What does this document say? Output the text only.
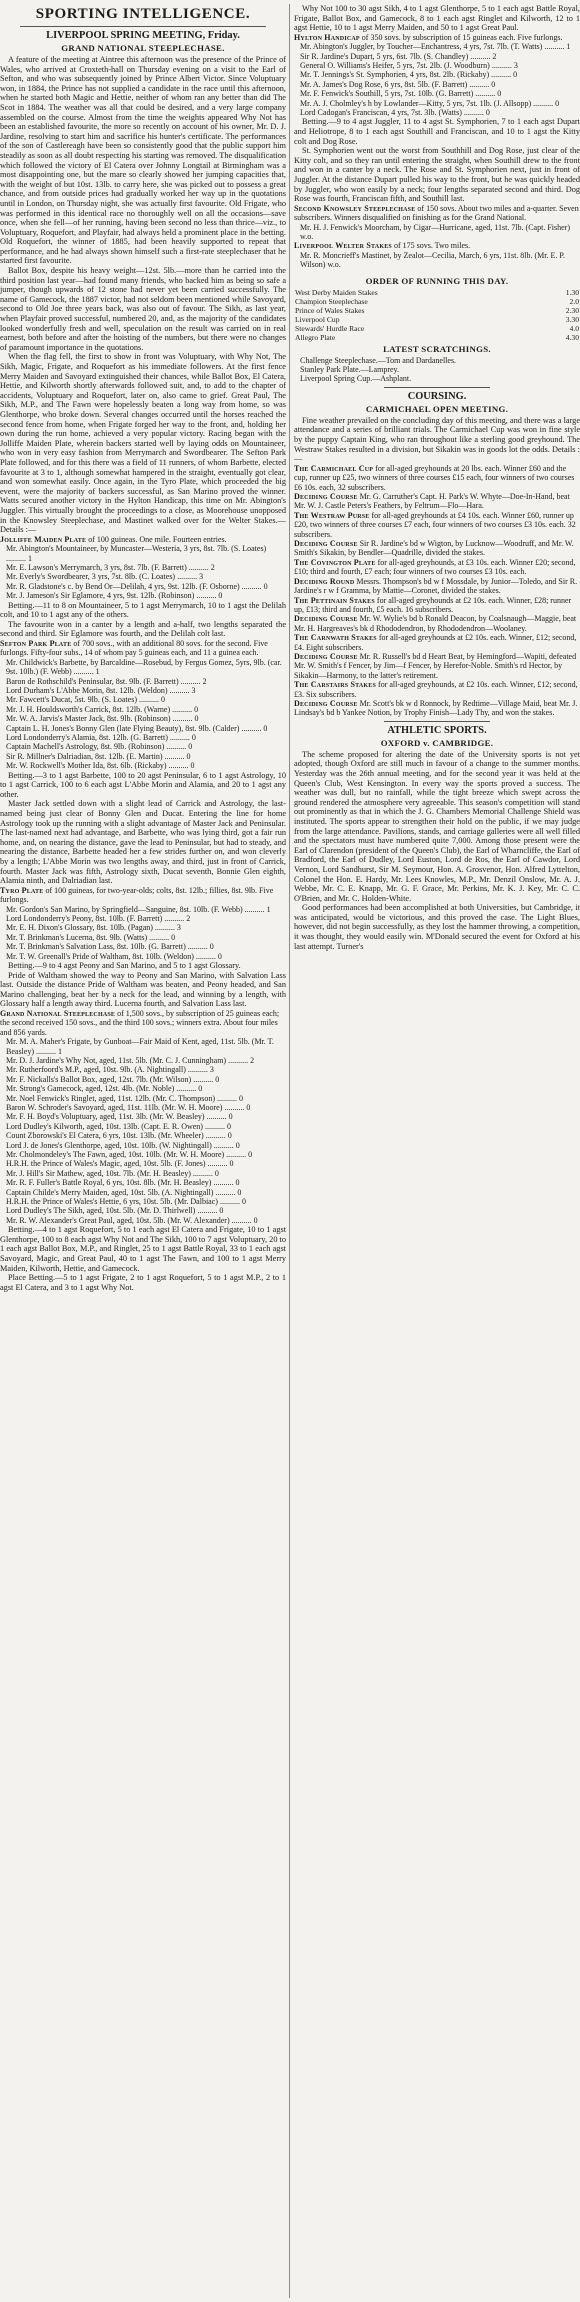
SPORTING INTELLIGENCE.
LIVERPOOL SPRING MEETING, Friday.
GRAND NATIONAL STEEPLECHASE.

A feature of the meeting at Aintree this afternoon was the presence of the Prince of Wales, who arrived at Croxteth-hall on Thursday evening on a visit to the Earl of Sefton, and who was subsequently joined by Prince Albert Victor. Since Voluptuary won, in 1884, the Prince has not supplied a candidate in the race until this afternoon, when he started both Magic and Hettie, neither of whom ran any better than did The Scot in 1884. The weather was all that could be desired, and a very large company assembled on the course. Almost from the time the weights appeared Why Not has been an established favourite, the more so recently on account of his owner, Mr. D. J. Jardine, resolving to start him and sacrifice his hunter's certificate. The performances of the son of Castlereagh have been so consistently good that the public support him steadily as soon as all doubt respecting his starting was removed. The disqualification which followed the victory of El Catera over Johnny Longtail at Birmingham was a most disappointing one, but the mare so clearly showed her jumping capacities that, with the weight of but 10st. 13lb. to carry here, she was picked out to possess a great chance, and from outside prices had gradually worked her way up in the quotations until in London, on Thursday night, she was actually first favourite. Old Frigate, who was performed in this identical race no thoroughly well on all the occasions—save once, when she fell—of her running, having been second no less than thrice—viz., to Voluptuary, Roquefort, and Playfair, had always held a prominent place in the betting. Old Roquefort, the winner of 1885, had been heavily supported to repeat that performance, and he had always shown himself such a first-rate steeplechaser that he started first favourite.

Ballot Box, despite his heavy weight—12st. 5lb.—more than he carried into the third position last year—had found many friends, who backed him as being so safe a jumper, though upwards of 12 stone had never yet been carried successfully. The name of Gamecock, the 1887 victor, had not seldom been mentioned while Savoyard, second to Old Joe three years back, was also out of favour. The Sikh, as last year, when Playfair proved successful, numbered 20, and, as the majority of the candidates looked wonderfully fresh and well, speculation on the result was carried on in real earnest, both before and after the hoisting of the numbers, but there were no changes of paramount importance in the quotations.

When the flag fell, the first to show in front was Voluptuary, with Why Not, The Sikh, Magic, Frigate, and Roquefort as his immediate followers. At the first fence Merry Maiden and Savoyard extinguished their chances, while Ballot Box, El Catera, Hettie, and Kilworth shortly afterwards followed suit, and, to add to the chapter of accidents, Voluptuary and Roquefort, later on, also came to grief. Great Paul, The Sikh, M.P., and The Fawn were hopelessly beaten a long way from home, so was Glenthorpe, who broke down. Several changes occurred until the horses reached the second fence from home, when Frigate forged her way to the front, and, holding her own during the run home, achieved a very popular victory. Racing began with the Jolliffe Maiden Plate, wherein backers started well by laying odds on Mountaineer, who won in very easy fashion from Merrymarch and Swordbearer. The Sefton Park Plate followed, and for this there was a field of 11 runners, of whom Barbette, elected favourite at 3 to 1, although somewhat hampered in the straight, eventually got clear, and won somewhat easily. Once again, in the Tyro Plate, which proceeded the big event, were the majority of backers successful, as San Marino proved the winner. Watts secured another victory in the Hylton Handicap, this time on Mr. Abington's Juggler. This virtually brought the proceedings to a close, as Moorehouse unopposed in the Knowsley Steeplechase, and Mastinet walked over for the Welter Stakes.—Details :—

Jolliffe Maiden Plate of 100 guineas. One mile. Fourteen entries.

Mr. Abington's Mountaineer, by Muncaster—Westeria, 3 yrs, 8st. 7lb. (S. Loates) .......... 1

Mr. E. Lawson's Merrymarch, 3 yrs, 8st. 7lb. (F. Barrett) .......... 2

Mr. Everly's Swordbearer, 3 yrs, 7st. 8lb. (C. Loates) .......... 3

Mr. R. Gladstone's c. by Bend Or—Delilah, 4 yrs, 9st. 12lb. (F. Osborne) .......... 0

Mr. J. Jameson's Sir Eglamore, 4 yrs, 9st. 12lb. (Robinson) .......... 0

Betting.—11 to 8 on Mountaineer, 5 to 1 agst Merrymarch, 10 to 1 agst the Delilah colt, and 10 to 1 agst any of the others.

The favourite won in a canter by a length and a-half, two lengths separated the second and third. Sir Eglamore was fourth, and the Delilah colt last.

Sefton Park Plate of 700 sovs., with an additional 80 sovs. for the second. Five furlongs. Fifty-four subs., 14 of whom pay 5 guineas each, and 11 a guinea each.

Mr. Childwick's Barbette, by Barcaldine—Rosebud, by Fergus Gomez, 5yrs, 9lb. (car. 9st. 10lb.) (F. Webb) .......... 1

Baron de Rothschild's Peninsular, 8st. 9lb. (F. Barrett) .......... 2

Lord Durham's L'Abbe Morin, 8st. 12lb. (Weldon) .......... 3

Mr. Fawcett's Ducat, 5st. 9lb. (S. Loates) .......... 0

Mr. J. H. Houldsworth's Carrick, 8st. 12lb. (Warne) .......... 0

Mr. W. A. Jarvis's Master Jack, 8st. 9lb. (Robinson) .......... 0

Captain L. H. Jones's Bonny Glen (late Flying Beauty), 8st. 9lb. (Calder) .......... 0

Lord Londonderry's Alamia, 8st. 12lb. (G. Barrett) .......... 0

Captain Machell's Astrology, 8st. 9lb. (Robinson) .......... 0

Sir R. Millner's Dalriadian, 8st. 12lb. (E. Martin) .......... 0

Mr. W. Rockwell's Mother Ida, 8st. 6lb. (Rickaby) .......... 0

Betting.—3 to 1 agst Barbette, 100 to 20 agst Peninsular, 6 to 1 agst Astrology, 10 to 1 agst Carrick, 100 to 6 each agst L'Abbe Morin and Alamia, and 20 to 1 agst any other.

Master Jack settled down with a slight lead of Carrick and Astrology, the last-named being just clear of Bonny Glen and Ducat. Entering the line for home Astrology took up the running with a slight advantage of Master Jack and Peninsular. The last-named next had advantage, and Barbette, who was lying third, got a fair run home, and, on nearing the distance, gave the lead to Peninsular, but had to steady, and nearing the distance, Barbette headed her a few strides further on, and won cleverly by a length; L'Abbe Morin was two lengths away, and third, just in front of Carrick, fourth. Master Jack was fifth, Astrology sixth, Ducat seventh, Bonnie Glen eighth, Alamia ninth, and Dalriadian last.

Tyro Plate of 100 guineas, for two-year-olds; colts, 8st. 12lb.; fillies, 8st. 9lb. Five furlongs.

Mr. Gordon's San Marino, by Springfield—Sanguine, 8st. 10lb. (F. Webb) .......... 1

Lord Londonderry's Peony, 8st. 10lb. (F. Barrett) .......... 2

Mr. E. H. Dixon's Glossary, 8st. 10lb. (Pagan) .......... 3

Mr. T. Brinkman's Lucerna, 8st. 9lb. (Watts) .......... 0

Mr. T. Brinkman's Salvation Lass, 8st. 10lb. (G. Barrett) .......... 0

Mr. T. W. Greenall's Pride of Waltham, 8st. 10lb. (Weldon) .......... 0

Betting.—9 to 4 agst Peony and San Marino, and 5 to 1 agst Glossary.

Pride of Waltham showed the way to Peony and San Marino, with Salvation Lass last. Outside the distance Pride of Waltham was beaten, and Peony headed, and San Marino challenging, beat her by a neck for the lead, and winning by a length, with Glossary half a length away third. Lucerna fourth, and Salvation Lass last.

Grand National Steeplechase of 1,500 sovs., by subscription of 25 guineas each; the second received 150 sovs., and the third 100 sovs.; winners extra. About four miles and 856 yards.

Mr. M. A. Maher's Frigate, by Gunboat—Fair Maid of Kent, aged, 11st. 5lb. (Mr. T. Beasley) .......... 1

Mr. D. J. Jardine's Why Not, aged, 11st. 5lb. (Mr. C. J. Cunningham) .......... 2

Mr. Rutherfoord's M.P., aged, 10st. 9lb. (A. Nightingall) .......... 3

Mr. F. Nickalls's Ballot Box, aged, 12st. 7lb. (Mr. Wilson) .......... 0

Mr. Strong's Gamecock, aged, 12st. 4lb. (Mr. Noble) .......... 0

Mr. Noel Fenwick's Ringlet, aged, 11st. 12lb. (Mr. C. Thompson) .......... 0

Baron W. Schroder's Savoyard, aged, 11st. 11lb. (Mr. W. H. Moore) .......... 0

Mr. F. H. Boyd's Voluptuary, aged, 11st. 3lb. (Mr. W. Beasley) .......... 0

Lord Dudley's Kilworth, aged, 10st. 13lb. (Capt. E. R. Owen) .......... 0

Count Zborowski's El Catera, 6 yrs, 10st. 13lb. (Mr. Wheeler) .......... 0

Lord J. de Jones's Glenthorpe, aged, 10st. 10lb. (W. Nightingall) .......... 0

Mr. Cholmondeley's The Fawn, aged, 10st. 10lb. (Mr. W. H. Moore) .......... 0

H.R.H. the Prince of Wales's Magic, aged, 10st. 5lb. (F. Jones) .......... 0

Mr. J. Hill's Sir Mathew, aged, 10st. 7lb. (Mr. H. Beasley) .......... 0

Mr. R. F. Fuller's Battle Royal, 6 yrs, 10st. 8lb. (Mr. H. Beasley) .......... 0

Captain Childe's Merry Maiden, aged, 10st. 5lb. (A. Nightingall) .......... 0

H.R.H. the Prince of Wales's Hettie, 6 yrs, 10st. 5lb. (Mr. Dalbiac) .......... 0

Lord Dudley's The Sikh, aged, 10st. 5lb. (Mr. D. Thirlwell) .......... 0

Mr. R. W. Alexander's Great Paul, aged, 10st. 5lb. (Mr. W. Alexander) .......... 0

Betting.—4 to 1 agst Roquefort, 5 to 1 each agst El Catera and Frigate, 10 to 1 agst Glenthorpe, 100 to 8 each agst Why Not and The Sikh, 100 to 7 agst Voluptuary, 20 to 1 each agst Ballot Box, M.P., and Ringlet, 25 to 1 agst Battle Royal, 33 to 1 each agst Savoyard, Magic, and Great Paul, 40 to 1 agst The Fawn, and 100 to 1 agst Merry Maiden, Kilworth, Hettie, and Gamecock.

Place Betting.—5 to 1 agst Frigate, 2 to 1 agst Roquefort, 5 to 1 agst M.P., 2 to 1 agst El Catera, and 3 to 1 agst Why Not.

Why Not 100 to 30 agst Sikh, 4 to 1 agst Glenthorpe, 5 to 1 each agst Battle Royal, Frigate, Ballot Box, and Gamecock, 8 to 1 each agst Ringlet and Kilworth, 12 to 1 agst Hettie, 10 to 1 agst Merry Maiden, and 50 to 1 agst Great Paul.

Hylton Handicap of 350 sovs. by subscription of 15 guineas each. Five furlongs.

Mr. Abington's Juggler, by Toucher—Enchantress, 4 yrs, 7st. 7lb. (T. Watts) .......... 1

Sir R. Jardine's Dupart, 5 yrs, 6st. 7lb. (S. Chandley) .......... 2

General O. Williams's Heifer, 5 yrs, 7st. 2lb. (J. Woodburn) .......... 3

Mr. T. Jennings's St. Symphorien, 4 yrs, 8st. 2lb. (Rickaby) .......... 0

Mr. A. James's Dog Rose, 6 yrs, 8st. 5lb. (F. Barrett) .......... 0

Mr. F. Fenwick's Southill, 5 yrs, 7st. 10lb. (G. Barrett) .......... 0

Mr. A. J. Cholmley's h by Lowlander—Kitty, 5 yrs, 7st. 1lb. (J. Allsopp) .......... 0

Lord Cadogan's Franciscan, 4 yrs, 7st. 3lb. (Watts) .......... 0

Betting.—9 to 4 agst Juggler, 11 to 4 agst St. Symphorien, 7 to 1 each agst Dupart and Heliotrope, 8 to 1 each agst Southill and Franciscan, and 10 to 1 agst the Kitty colt and Dog Rose.

St. Symphorien went out the worst from Southhill and Dog Rose, just clear of the Kitty colt, and so they ran until entering the straight, when Southill drew to the front and won in a canter by a neck. The Rose and St. Symphorien next, just in front of Juggler. At the distance Dupart pulled his way to the front, but he was quickly headed by Juggler, who won easily by a neck; four lengths separated second and third. Dog Rose was fourth, Franciscan fifth, and Southill last.

Second Knowsley Steeplechase of 150 sovs. About two miles and a-quarter. Seven subscribers. Winners disqualified on finishing as for the Grand National.

Mr. H. J. Fenwick's Moorcham, by Cigar—Hurricane, aged, 11st. 7lb. (Capt. Fisher) w.o.

Liverpool Welter Stakes of 175 sovs. Two miles.

Mr. R. Moncrieff's Mastinet, by Zealot—Cecilia, March, 6 yrs, 11st. 8lb. (Mr. E. P. Wilson) w.o.

ORDER OF RUNNING THIS DAY.
West Derby Maiden Stakes	1.30
Champion Steeplechase	2.0
Prince of Wales Stakes	2.30
Liverpool Cup	3.30
Stewards' Hurdle Race	4.0
Allegro Plate	4.30
LATEST SCRATCHINGS.

Challenge Steeplechase.—Tom and Dardanelles.

Stanley Park Plate.—Lamprey.

Liverpool Spring Cup.—Ashplant.

COURSING.
CARMICHAEL OPEN MEETING.

Fine weather prevailed on the concluding day of this meeting, and there was a large attendance and a series of brilliant trials. The Carmichael Cup was won in fine style by the puppy Captain King, who ran throughout like a sterling good greyhound. The Westraw Stakes resulted in a division, but Sikakin was in goods lot the odds. Details :—

The Carmichael Cup for all-aged greyhounds at 20 lbs. each. Winner £60 and the cup, runner up £25, two winners of three courses £15 each, four winners of two courses £6 10s. each, 32 subscribers.

Deciding Course Mr. G. Carruther's Capt. H. Park's W. Whyte—Doe-In-Hand, beat Mr. W. J. Castle Peters's Feathers, by Feltrum—Flo—Hara.

The Westraw Purse for all-aged greyhounds at £4 10s. each. Winner £60, runner up £20, two winners of three courses £7 each, four winners of two courses £3 10s. each. 32 subscribers.

Deciding Course Sir R. Jardine's bd w Wigton, by Lucknow—Woodruff, and Mr. W. Smith's Sikakin, by Bendler—Quadrille, divided the stakes.

The Covington Plate for all-aged greyhounds, at £3 10s. each. Winner £20; second, £10; third and fourth, £7 each; four winners of two courses £3 10s. each.

Deciding Round Messrs. Thompson's bd w f Mossdale, by Junior—Toledo, and Sir R. Jardine's r w f Gramma, by Mattie—Coronet, divided the stakes.

The Pettinain Stakes for all-aged greyhounds at £2 10s. each. Winner, £28; runner up, £13; third and fourth, £5 each. 16 subscribers.

Deciding Course Mr. W. Wylie's bd b Ronald Deacon, by Coalsnaugh—Maggie, beat Mr. H. Hargreaves's bk d Rhododendron, by Rhododendron—Woolaney.

The Carnwath Stakes for all-aged greyhounds at £2 10s. each. Winner, £12; second, £4. Eight subscribers.

Deciding Course Mr. R. Russell's bd d Heart Beat, by Hemingford—Wapiti, defeated Mr. W. Smith's f Fencer, by Jim—f Fencer, by Herefor-Noble. Smith's rd Hector, by Sikakin—Harmony, to the latter's retirement.

The Carstairs Stakes for all-aged greyhounds, at £2 10s. each. Winner, £12; second, £3. Six subscribers.

Deciding Course Mr. Scott's bk w d Ronnock, by Redtime—Village Maid, beat Mr. J. Lindsay's bd b Yankee Notion, by Trophy Finish—Lady Thy, and won the stakes.

ATHLETIC SPORTS.
OXFORD v. CAMBRIDGE.

The scheme proposed for altering the date of the University sports is not yet adopted, though Oxford are still much in favour of a change to the summer months. Yesterday was the 26th annual meeting, and for the second year it was held at the Queen's Club, West Kensington. In every way the sports proved a success. The weather was dull, but no rainfall, while the tight breeze which swept across the ground rendered the atmosphere very agreeable. This season's competition will stand out prominently as that in which the J. G. Chambers Memorial Challenge Shield was instituted. The sports appear to strengthen their hold on the public, if we may judge from the large attendance. Pavilions, stands, and carriage galleries were all well filled and the spectators must have numbered quite 7,000. Among those present were the Earl of Clarendon (president of the Queen's Club), the Earl of Wharncliffe, the Earl of Bradford, the Earl of Dudley, Lord Euston, Lord de Ros, the Earl of Cawdor, Lord Vernon, Lord Sandhurst, Sir M. Seymour, Hon. A. Grosvenor, Hon. Alfred Lyttelton, Colonel the Hon. E. Hardy, Mr. Lees Knowles, M.P., Mr. Denzil Onslow, Mr. A. J. Webbe, Mr. C. E. Knapp, Mr. G. F. Grace, Mr. Perkins, Mr. K. J. Key, Mr. C. C. O'Brien, and Mr. C. Holden-White.

Good performances had been accomplished at both Universities, but Cambridge, it was anticipated, would be victorious, and this proved the case. The Light Blues, however, did not begin successfully, as they lost the hammer throwing, a competition, it was thought, they would easily win. M'Donald secured the event for Oxford at his last attempt. Turner's
